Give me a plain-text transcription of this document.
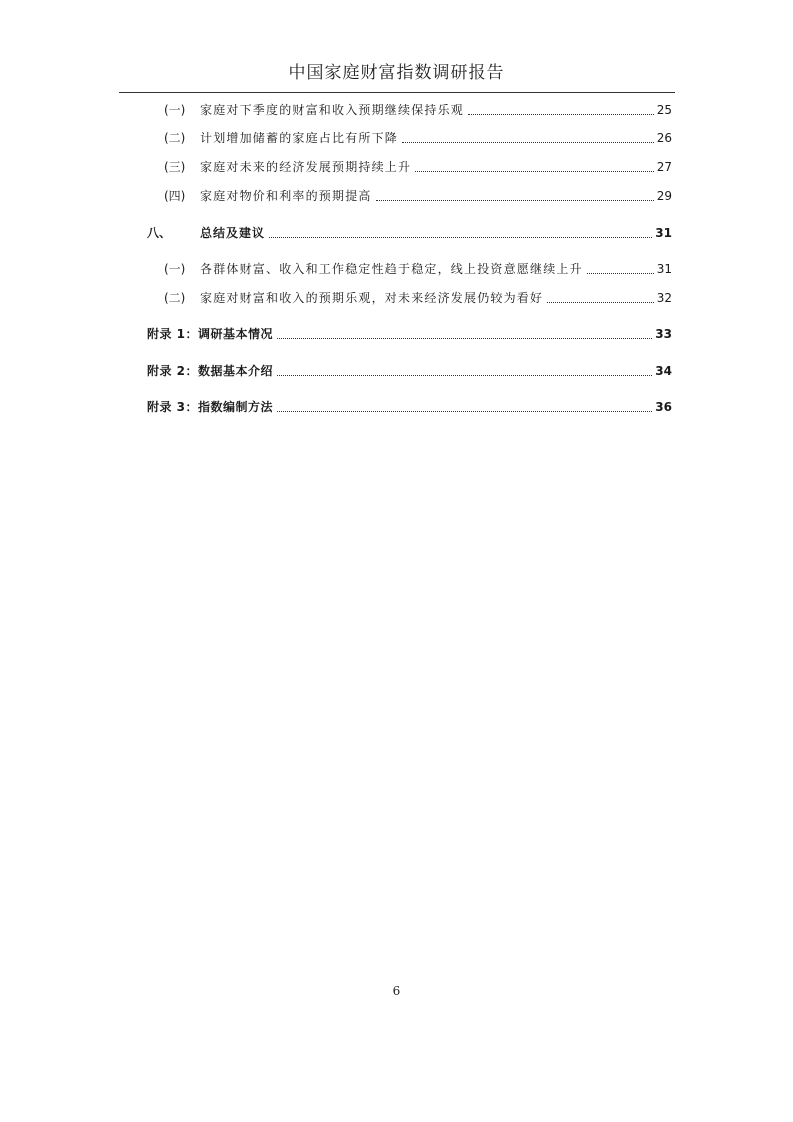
中国家庭财富指数调研报告
(一) 家庭对下季度的财富和收入预期继续保持乐观	25
(二) 计划增加储蓄的家庭占比有所下降	26
(三) 家庭对未来的经济发展预期持续上升	27
(四) 家庭对物价和利率的预期提高	29
八、 总结及建议	31
(一) 各群体财富、收入和工作稳定性趋于稳定，线上投资意愿继续上升	31
(二) 家庭对财富和收入的预期乐观，对未来经济发展仍较为看好	32
附录 1：调研基本情况	33
附录 2：数据基本介绍	34
附录 3：指数编制方法	36
6
